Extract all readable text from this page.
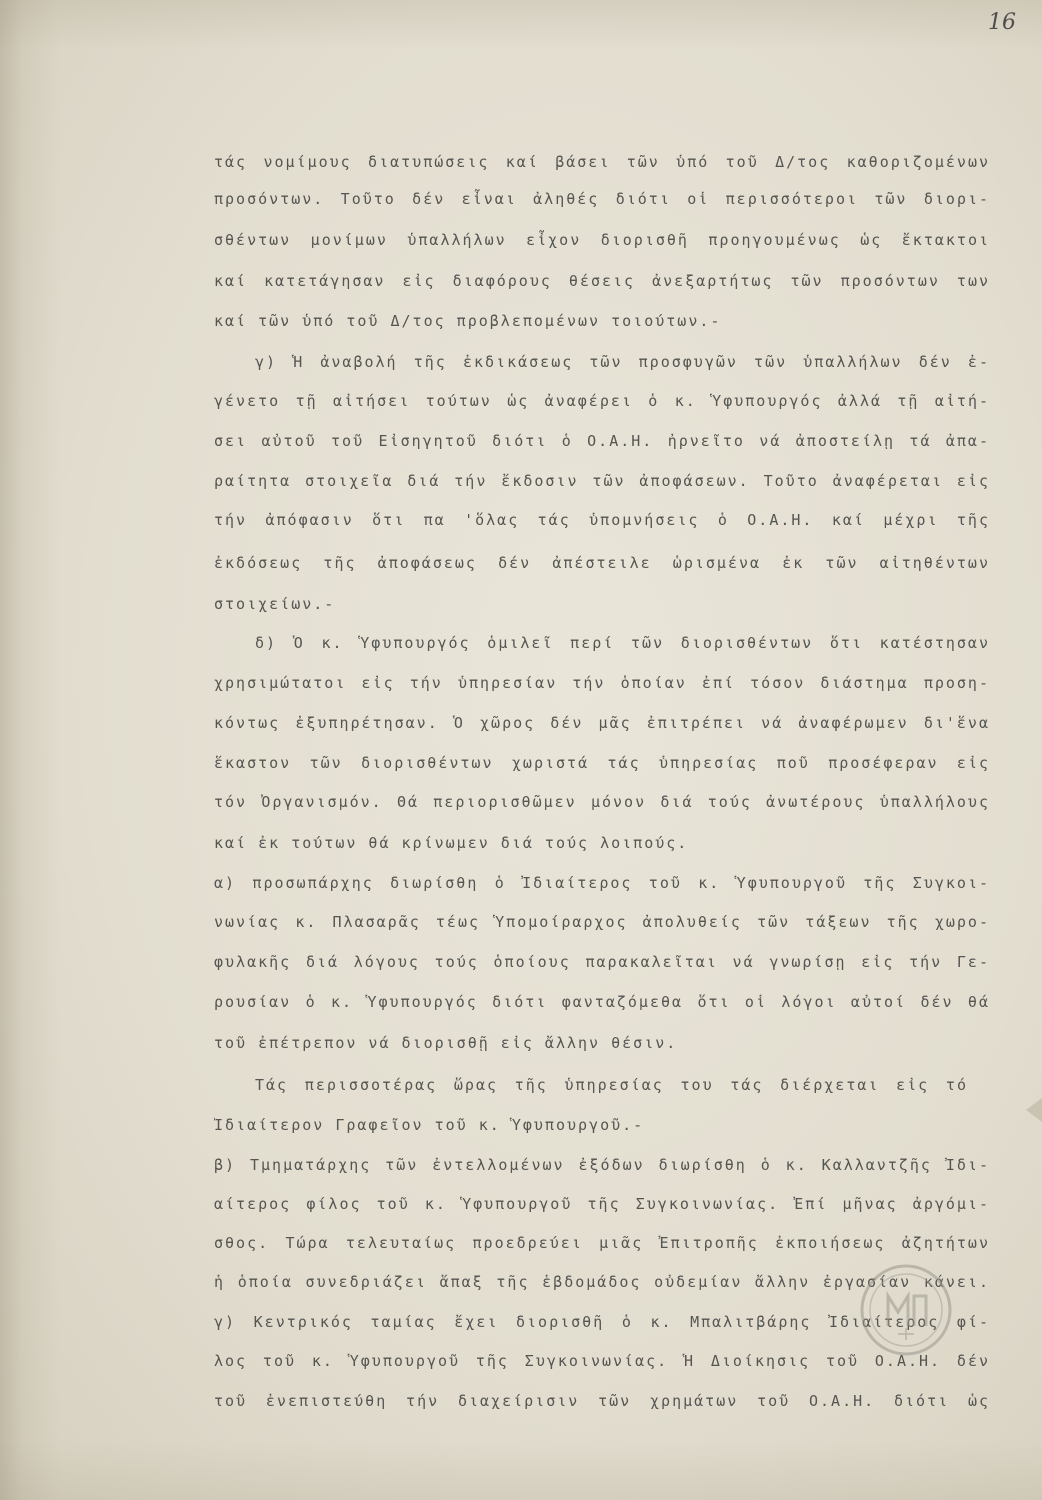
16
τάς νομίμους διατυπώσεις καί βάσει τῶν ὑπό τοῦ Δ/τος καθοριζομένων
προσόντων. Τοῦτο δέν εἶναι ἀληθές διότι οἱ περισσότεροι τῶν διορι-
σθέντων μονίμων ὑπαλλήλων εἶχον διορισθῆ προηγουμένως ὡς ἔκτακτοι
καί κατετάγησαν εἰς διαφόρους θέσεις ἀνεξαρτήτως τῶν προσόντων των
καί τῶν ὑπό τοῦ Δ/τος προβλεπομένων τοιούτων.-
γ) Ἡ ἀναβολή τῆς ἐκδικάσεως τῶν προσφυγῶν τῶν ὑπαλλήλων δέν ἐ-
γένετο τῇ αἰτήσει τούτων ὡς ἀναφέρει ὁ κ. Ὑφυπουργός ἀλλά τῇ αἰτή-
σει αὐτοῦ τοῦ Εἰσηγητοῦ διότι ὁ Ο.Α.Η. ἠρνεῖτο νά ἀποστείλῃ τά ἀπα-
ραίτητα στοιχεῖα διά τήν ἔκδοσιν τῶν ἀποφάσεων. Τοῦτο ἀναφέρεται εἰς
τήν ἀπόφασιν ὅτι πα 'ὅλας τάς ὑπομνήσεις ὁ Ο.Α.Η. καί μέχρι τῆς
ἐκδόσεως τῆς ἀποφάσεως δέν ἀπέστειλε ὡρισμένα ἐκ τῶν αἰτηθέντων
στοιχείων.-
δ) Ὁ κ. Ὑφυπουργός ὁμιλεῖ περί τῶν διορισθέντων ὅτι κατέστησαν
χρησιμώτατοι εἰς τήν ὑπηρεσίαν τήν ὁποίαν ἐπί τόσον διάστημα προση-
κόντως ἐξυπηρέτησαν. Ὁ χῶρος δέν μᾶς ἐπιτρέπει νά ἀναφέρωμεν δι'ἕνα
ἕκαστον τῶν διορισθέντων χωριστά τάς ὑπηρεσίας ποῦ προσέφεραν εἰς
τόν Ὀργανισμόν. Θά περιορισθῶμεν μόνον διά τούς ἀνωτέρους ὑπαλλήλους
καί ἐκ τούτων θά κρίνωμεν διά τούς λοιπούς.
α) προσωπάρχης διωρίσθη ὁ Ἰδιαίτερος τοῦ κ. Ὑφυπουργοῦ τῆς Συγκοι-
νωνίας κ. Πλασαρᾶς τέως Ὑπομοίραρχος ἀπολυθείς τῶν τάξεων τῆς χωρο-
φυλακῆς διά λόγους τούς ὁποίους παρακαλεῖται νά γνωρίσῃ εἰς τήν Γε-
ρουσίαν ὁ κ. Ὑφυπουργός διότι φανταζόμεθα ὅτι οἱ λόγοι αὐτοί δέν θά
τοῦ ἐπέτρεπον νά διορισθῇ εἰς ἄλλην θέσιν.
Τάς περισσοτέρας ὥρας τῆς ὑπηρεσίας του τάς διέρχεται εἰς τό
Ἰδιαίτερον Γραφεῖον τοῦ κ. Ὑφυπουργοῦ.-
β) Τμηματάρχης τῶν ἐντελλομένων ἐξόδων διωρίσθη ὁ κ. Καλλαντζῆς Ἰδι-
αίτερος φίλος τοῦ κ. Ὑφυπουργοῦ τῆς Συγκοινωνίας. Ἐπί μῆνας ἀργόμι-
σθος. Τώρα τελευταίως προεδρεύει μιᾶς Ἐπιτροπῆς ἐκποιήσεως ἀζητήτων
ἡ ὁποία συνεδριάζει ἅπαξ τῆς ἑβδομάδος οὐδεμίαν ἄλλην ἐργασίαν κάνει.
γ) Κεντρικός ταμίας ἔχει διορισθῆ ὁ κ. Μπαλιτβάρης Ἰδιαίτερος φί-
λος τοῦ κ. Ὑφυπουργοῦ τῆς Συγκοινωνίας. Ἡ Διοίκησις τοῦ Ο.Α.Η. δέν
τοῦ ἐνεπιστεύθη τήν διαχείρισιν τῶν χρημάτων τοῦ Ο.Α.Η. διότι ὡς
